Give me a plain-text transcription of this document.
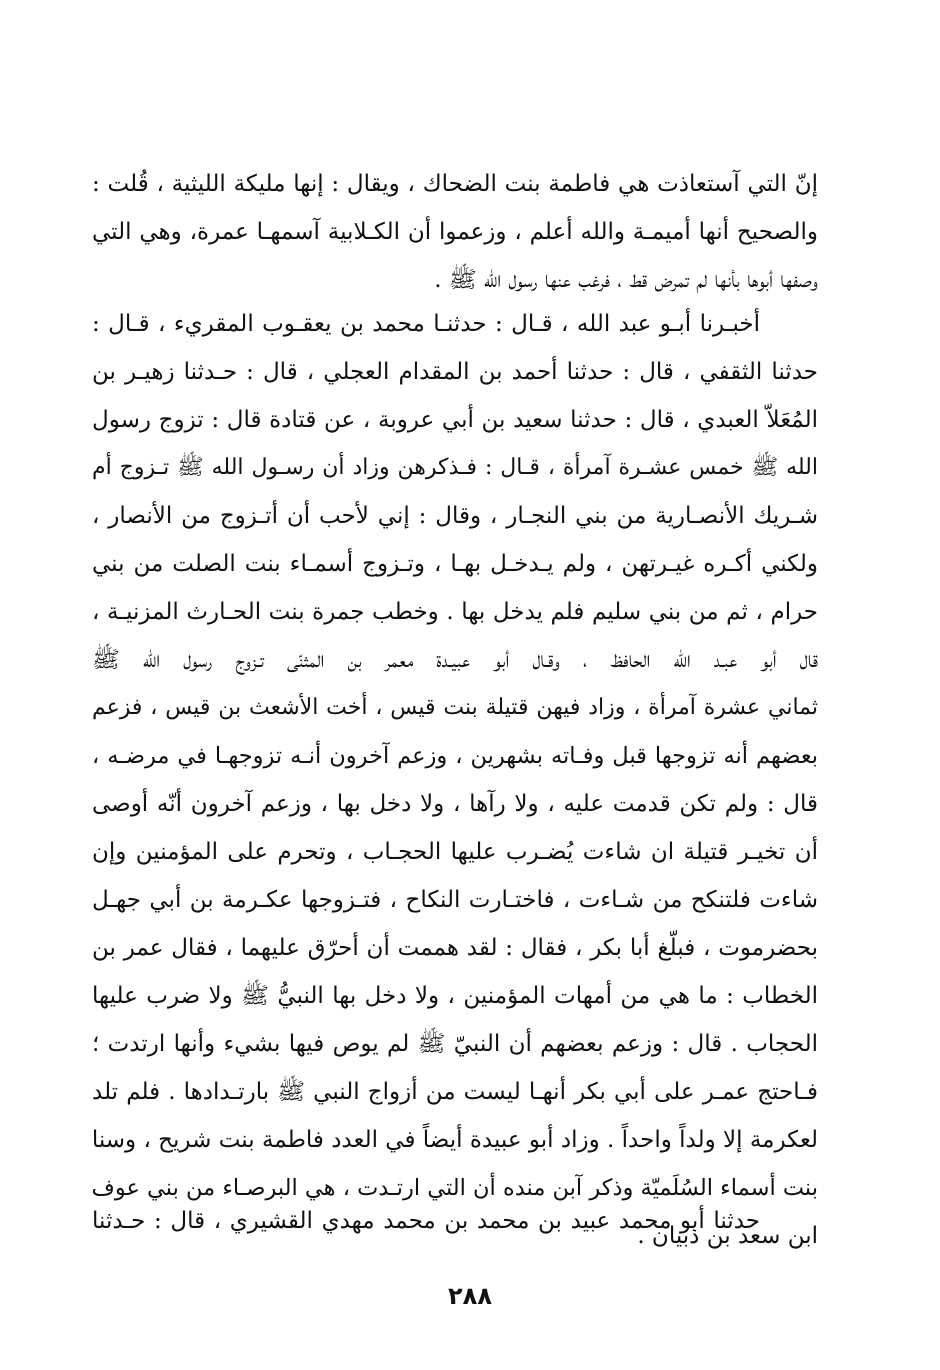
إنّ التي آستعاذت هي فاطمة بنت الضحاك ، ويقال : إنها مليكة الليثية ، قُلت :
والصحيح أنها أميمـة والله أعلم ، وزعموا أن الكـلابية آسمهـا عمرة، وهي التي
وصفها أبوها بأنها لم تمرض قط ، فرغب عنها رسول الله ﷺ .
أخبـرنا أبـو عبد الله ، قـال : حدثنـا محمد بن يعقـوب المقريء ، قـال :
حدثنا الثقفي ، قال : حدثنا أحمد بن المقدام العجلي ، قال : حـدثنا زهيـر بن
المُعَلاّ العبدي ، قال : حدثنا سعيد بن أبي عروبة ، عن قتادة قال : تزوج رسول
الله ﷺ خمس عشـرة آمرأة ، قـال : فـذكرهن وزاد أن رسـول الله ﷺ تـزوج أم
شـريك الأنصـارية من بني النجـار ، وقال : إني لأحب أن أتـزوج من الأنصار ،
ولكني أكـره غيـرتهن ، ولم يـدخـل بهـا ، وتـزوج أسمـاء بنت الصلت من بني
حرام ، ثم من بني سليم فلم يدخل بها . وخطب جمرة بنت الحـارث المزنيـة ،
قال أبو عبـد الله الحافظ ، وقـال أبو عبيـدة معمر بن المثنّى تـزوج رسول الله ﷺ
ثماني عشرة آمرأة ، وزاد فيهن قتيلة بنت قيس ، أخت الأشعث بن قيس ، فزعم
بعضهم أنه تزوجها قبل وفـاته بشهرين ، وزعم آخرون أنـه تزوجهـا في مرضـه ،
قال : ولم تكن قدمت عليه ، ولا رآها ، ولا دخل بها ، وزعم آخرون أنّه أوصى
أن تخيـر قتيلة ان شاءت يُضـرب عليها الحجـاب ، وتحرم على المؤمنين وإن
شاءت فلتنكح من شـاءت ، فاختـارت النكاح ، فتـزوجها عكـرمة بن أبي جهـل
بحضرموت ، فبلّغ أبا بكر ، فقال : لقد هممت أن أحرّق عليهما ، فقال عمر بن
الخطاب : ما هي من أمهات المؤمنين ، ولا دخل بها النبيُّ ﷺ ولا ضرب عليها
الحجاب . قال : وزعم بعضهم أن النبيّ ﷺ لم يوص فيها بشيء وأنها ارتدت ؛
فـاحتج عمـر على أبي بكر أنهـا ليست من أزواج النبي ﷺ بارتـدادها . فلم تلد
لعكرمة إلا ولداً واحداً . وزاد أبو عبيدة أيضاً في العدد فاطمة بنت شريح ، وسنا
بنت أسماء السُلَميّة وذكر آبن منده أن التي ارتـدت ، هي البرصـاء من بني عوف
ابن سعد بن ذبيان .
حدثنا أبو محمد عبيد بن محمد بن محمد مهدي القشيري ، قال : حـدثنا
٢٨٨
